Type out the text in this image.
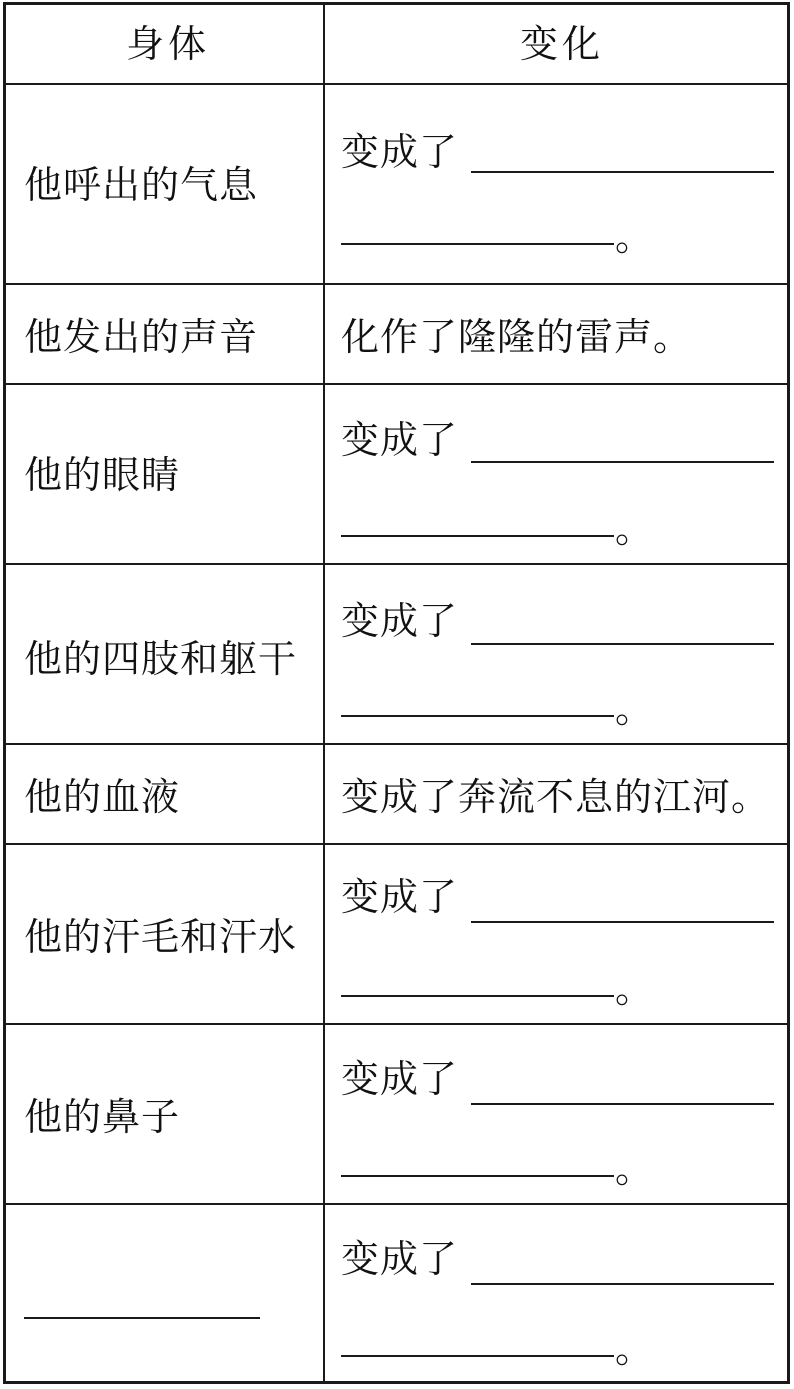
身体	变化
他呼出的气息
变成了
。
他发出的声音 化作了隆隆的雷声。
他的眼睛
变成了
。
他的四肢和躯干
变成了
。
他的血液	变成了奔流不息的江河。
他的汗毛和汗水
变成了
。
他的鼻子
变成了
。
变成了
。
